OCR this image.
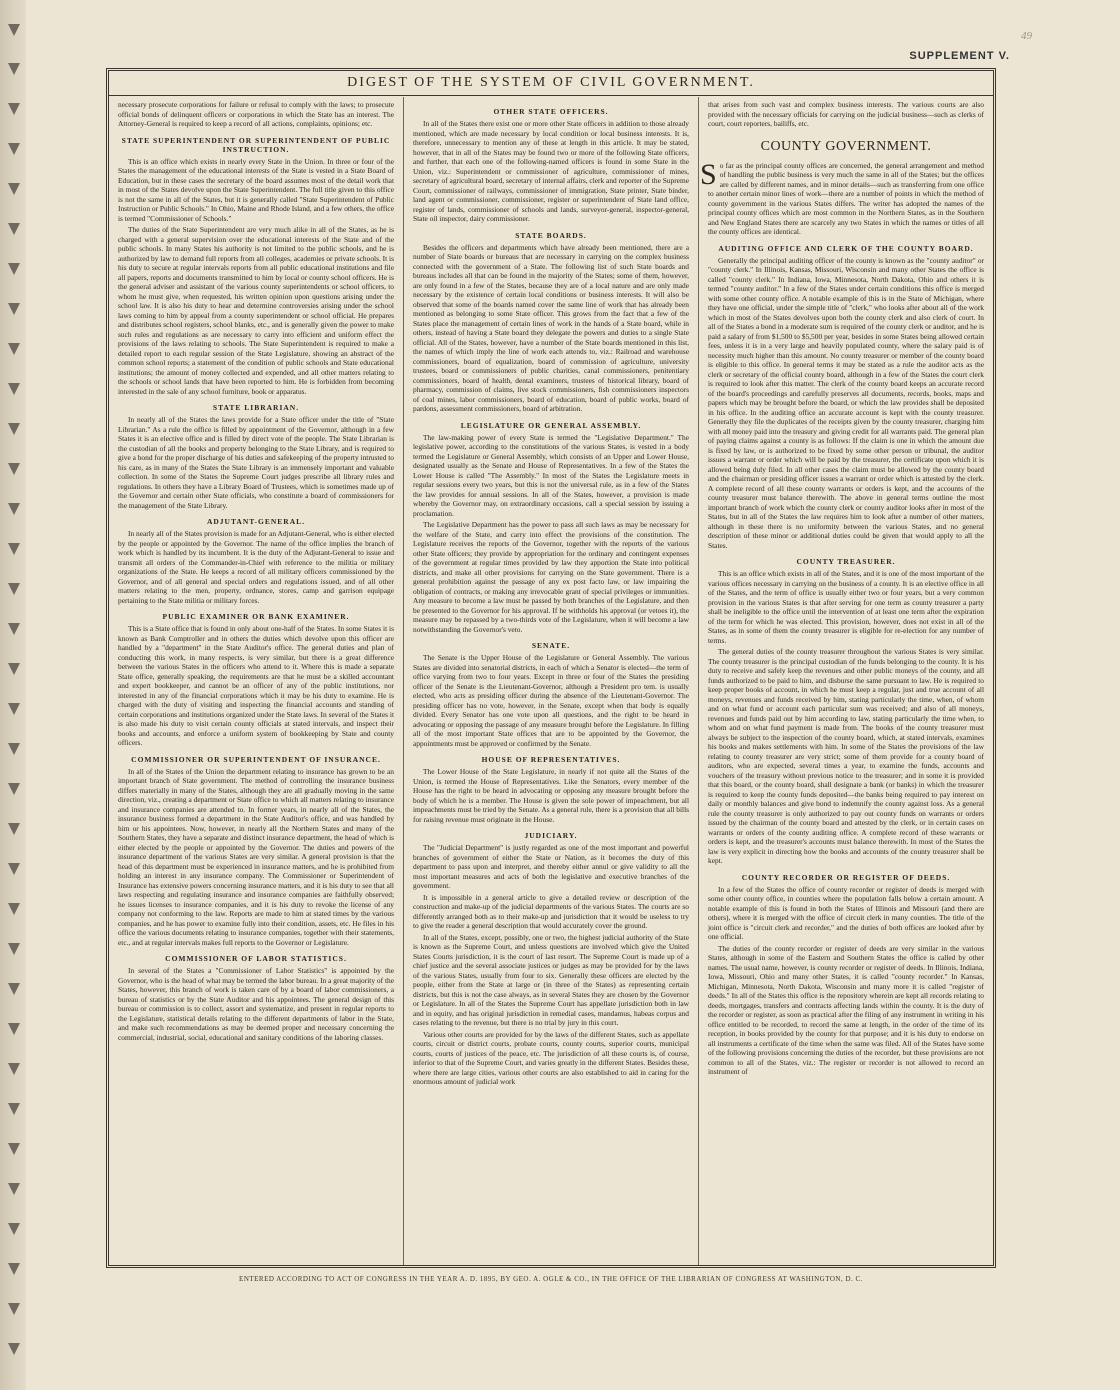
49
SUPPLEMENT V.
DIGEST OF THE SYSTEM OF CIVIL GOVERNMENT.

necessary prosecute corporations for failure or refusal to comply with the laws; to prosecute official bonds of delinquent officers or corporations in which the State has an interest. The Attorney-General is required to keep a record of all actions, complaints, opinions; etc.

STATE SUPERINTENDENT OR SUPERINTENDENT OF PUBLIC INSTRUCTION.

This is an office which exists in nearly every State in the Union. In three or four of the States the management of the educational interests of the State is vested in a State Board of Education, but in these cases the secretary of the board assumes most of the detail work that in most of the States devolve upon the State Superintendent. The full title given to this office is not the same in all of the States, but it is generally called "State Superintendent of Public Instruction or Public Schools." In Ohio, Maine and Rhode Island, and a few others, the office is termed "Commissioner of Schools."

The duties of the State Superintendent are very much alike in all of the States, as he is charged with a general supervision over the educational interests of the State and of the public schools. In many States his authority is not limited to the public schools, and he is authorized by law to demand full reports from all colleges, academies or private schools. It is his duty to secure at regular intervals reports from all public educational institutions and file all papers, reports and documents transmitted to him by local or county school officers. He is the general adviser and assistant of the various county superintendents or school officers, to whom he must give, when requested, his written opinion upon questions arising under the school law. It is also his duty to hear and determine controversies arising under the school laws coming to him by appeal from a county superintendent or school official. He prepares and distributes school registers, school blanks, etc., and is generally given the power to make such rules and regulations as are necessary to carry into efficient and uniform effect the provisions of the laws relating to schools. The State Superintendent is required to make a detailed report to each regular session of the State Legislature, showing an abstract of the common school reports; a statement of the condition of public schools and State educational institutions; the amount of money collected and expended, and all other matters relating to the schools or school lands that have been reported to him. He is forbidden from becoming interested in the sale of any school furniture, book or apparatus.

STATE LIBRARIAN.

In nearly all of the States the laws provide for a State officer under the title of "State Librarian." As a rule the office is filled by appointment of the Governor, although in a few States it is an elective office and is filled by direct vote of the people. The State Librarian is the custodian of all the books and property belonging to the State Library, and is required to give a bond for the proper discharge of his duties and safekeeping of the property intrusted to his care, as in many of the States the State Library is an immensely important and valuable collection. In some of the States the Supreme Court judges prescribe all library rules and regulations. In others they have a Library Board of Trustees, which is sometimes made up of the Governor and certain other State officials, who constitute a board of commissioners for the management of the State Library.

ADJUTANT-GENERAL.

In nearly all of the States provision is made for an Adjutant-General, who is either elected by the people or appointed by the Governor. The name of the office implies the branch of work which is handled by its incumbent. It is the duty of the Adjutant-General to issue and transmit all orders of the Commander-in-Chief with reference to the militia or military organizations of the State. He keeps a record of all military officers commissioned by the Governor, and of all general and special orders and regulations issued, and of all other matters relating to the men, property, ordnance, stores, camp and garrison equipage pertaining to the State militia or military forces.

PUBLIC EXAMINER OR BANK EXAMINER.

This is a State office that is found in only about one-half of the States. In some States it is known as Bank Comptroller and in others the duties which devolve upon this officer are handled by a "department" in the State Auditor's office. The general duties and plan of conducting this work, in many respects, is very similar, but there is a great difference between the various States in the officers who attend to it. Where this is made a separate State office, generally speaking, the requirements are that he must be a skilled accountant and expert bookkeeper, and cannot be an officer of any of the public institutions, nor interested in any of the financial corporations which it may be his duty to examine. He is charged with the duty of visiting and inspecting the financial accounts and standing of certain corporations and institutions organized under the State laws. In several of the States it is also made his duty to visit certain county officials at stated intervals, and inspect their books and accounts, and enforce a uniform system of bookkeeping by State and county officers.

COMMISSIONER OR SUPERINTENDENT OF INSURANCE.

In all of the States of the Union the department relating to insurance has grown to be an important branch of State government. The method of controlling the insurance business differs materially in many of the States, although they are all gradually moving in the same direction, viz., creating a department or State office to which all matters relating to insurance and insurance companies are attended to. In former years, in nearly all of the States, the insurance business formed a department in the State Auditor's office, and was handled by him or his appointees. Now, however, in nearly all the Northern States and many of the Southern States, they have a separate and distinct insurance department, the head of which is either elected by the people or appointed by the Governor. The duties and powers of the insurance department of the various States are very similar. A general provision is that the head of this department must be experienced in insurance matters, and he is prohibited from holding an interest in any insurance company. The Commissioner or Superintendent of Insurance has extensive powers concerning insurance matters, and it is his duty to see that all laws respecting and regulating insurance and insurance companies are faithfully observed; he issues licenses to insurance companies, and it is his duty to revoke the license of any company not conforming to the law. Reports are made to him at stated times by the various companies, and he has power to examine fully into their condition, assets, etc. He files in his office the various documents relating to insurance companies, together with their statements, etc., and at regular intervals makes full reports to the Governor or Legislature.

COMMISSIONER OF LABOR STATISTICS.

In several of the States a "Commissioner of Labor Statistics" is appointed by the Governor, who is the head of what may be termed the labor bureau. In a great majority of the States, however, this branch of work is taken care of by a board of labor commissioners, a bureau of statistics or by the State Auditor and his appointees. The general design of this bureau or commission is to collect, assort and systematize, and present in regular reports to the Legislature, statistical details relating to the different departments of labor in the State, and make such recommendations as may be deemed proper and necessary concerning the commercial, industrial, social, educational and sanitary conditions of the laboring classes.

OTHER STATE OFFICERS.

In all of the States there exist one or more other State officers in addition to those already mentioned, which are made necessary by local condition or local business interests. It is, therefore, unnecessary to mention any of these at length in this article. It may be stated, however, that in all of the States may be found two or more of the following State officers, and further, that each one of the following-named officers is found in some State in the Union, viz.: Superintendent or commissioner of agriculture, commissioner of mines, secretary of agricultural board, secretary of internal affairs, clerk and reporter of the Supreme Court, commissioner of railways, commissioner of immigration, State printer, State binder, land agent or commissioner, commissioner, register or superintendent of State land office, register of lands, commissioner of schools and lands, surveyor-general, inspector-general, State oil inspector, dairy commissioner.

STATE BOARDS.

Besides the officers and departments which have already been mentioned, there are a number of State boards or bureaus that are necessary in carrying on the complex business connected with the government of a State. The following list of such State boards and bureaus includes all that can be found in the majority of the States; some of them, however, are only found in a few of the States, because they are of a local nature and are only made necessary by the existence of certain local conditions or business interests. It will also be observed that some of the boards named cover the same line of work that has already been mentioned as belonging to some State officer. This grows from the fact that a few of the States place the management of certain lines of work in the hands of a State board, while in others, instead of having a State board they delegate the powers and duties to a single State official. All of the States, however, have a number of the State boards mentioned in this list, the names of which imply the line of work each attends to, viz.: Railroad and warehouse commissioners, board of equalization, board of commission of agriculture, university trustees, board or commissioners of public charities, canal commissioners, penitentiary commissioners, board of health, dental examiners, trustees of historical library, board of pharmacy, commission of claims, live stock commissioners, fish commissioners inspectors of coal mines, labor commissioners, board of education, board of public works, board of pardons, assessment commissioners, board of arbitration.

LEGISLATURE OR GENERAL ASSEMBLY.

The law-making power of every State is termed the "Legislative Department." The legislative power, according to the constitutions of the various States, is vested in a body termed the Legislature or General Assembly, which consists of an Upper and Lower House, designated usually as the Senate and House of Representatives. In a few of the States the Lower House is called "The Assembly." In most of the States the Legislature meets in regular sessions every two years, but this is not the universal rule, as in a few of the States the law provides for annual sessions. In all of the States, however, a provision is made whereby the Governor may, on extraordinary occasions, call a special session by issuing a proclamation.

The Legislative Department has the power to pass all such laws as may be necessary for the welfare of the State, and carry into effect the provisions of the constitution. The Legislature receives the reports of the Governor, together with the reports of the various other State officers; they provide by appropriation for the ordinary and contingent expenses of the government at regular times provided by law they apportion the State into political districts, and make all other provisions for carrying on the State government. There is a general prohibition against the passage of any ex post facto law, or law impairing the obligation of contracts, or making any irrevocable grant of special privileges or immunities. Any measure to become a law must be passed by both branches of the Legislature, and then be presented to the Governor for his approval. If he withholds his approval (or vetoes it), the measure may be repassed by a two-thirds vote of the Legislature, when it will become a law notwithstanding the Governor's veto.

SENATE.

The Senate is the Upper House of the Legislature or General Assembly. The various States are divided into senatorial districts, in each of which a Senator is elected—the term of office varying from two to four years. Except in three or four of the States the presiding officer of the Senate is the Lieutenant-Governor, although a President pro tem. is usually elected, who acts as presiding officer during the absence of the Lieutenant-Governor. The presiding officer has no vote, however, in the Senate, except when that body is equally divided. Every Senator has one vote upon all questions, and the right to be heard in advocating or opposing the passage of any measure brought before the Legislature. In filling all of the most important State offices that are to be appointed by the Governor, the appointments must be approved or confirmed by the Senate.

HOUSE OF REPRESENTATIVES.

The Lower House of the State Legislature, in nearly if not quite all the States of the Union, is termed the House of Representatives. Like the Senators, every member of the House has the right to be heard in advocating or opposing any measure brought before the body of which he is a member. The House is given the sole power of impeachment, but all impeachments must be tried by the Senate. As a general rule, there is a provision that all bills for raising revenue must originate in the House.

JUDICIARY.

The "Judicial Department" is justly regarded as one of the most important and powerful branches of government of either the State or Nation, as it becomes the duty of this department to pass upon and interpret, and thereby either annul or give validity to all the most important measures and acts of both the legislative and executive branches of the government.

It is impossible in a general article to give a detailed review or description of the construction and make-up of the judicial departments of the various States. The courts are so differently arranged both as to their make-up and jurisdiction that it would be useless to try to give the reader a general description that would accurately cover the ground.

In all of the States, except, possibly, one or two, the highest judicial authority of the State is known as the Supreme Court, and unless questions are involved which give the United States Courts jurisdiction, it is the court of last resort. The Supreme Court is made up of a chief justice and the several associate justices or judges as may be provided for by the laws of the various States, usually from four to six. Generally these officers are elected by the people, either from the State at large or (in three of the States) as representing certain districts, but this is not the case always, as in several States they are chosen by the Governor or Legislature. In all of the States the Supreme Court has appellate jurisdiction both in law and in equity, and has original jurisdiction in remedial cases, mandamus, habeas corpus and cases relating to the revenue, but there is no trial by jury in this court.

Various other courts are provided for by the laws of the different States, such as appellate courts, circuit or district courts, probate courts, county courts, superior courts, municipal courts, courts of justices of the peace, etc. The jurisdiction of all these courts is, of course, inferior to that of the Supreme Court, and varies greatly in the different States. Besides these, where there are large cities, various other courts are also established to aid in caring for the enormous amount of judicial work

that arises from such vast and complex business interests. The various courts are also provided with the necessary officials for carrying on the judicial business—such as clerks of court, court reporters, bailiffs, etc.

COUNTY GOVERNMENT.

So far as the principal county offices are concerned, the general arrangement and method of handling the public business is very much the same in all of the States; but the offices are called by different names, and in minor details—such as transferring from one office to another certain minor lines of work—there are a number of points in which the method of county government in the various States differs. The writer has adopted the names of the principal county offices which are most common in the Northern States, as in the Southern and New England States there are scarcely any two States in which the names or titles of all the county offices are identical.

AUDITING OFFICE AND CLERK OF THE COUNTY BOARD.

Generally the principal auditing officer of the county is known as the "county auditor" or "county clerk." In Illinois, Kansas, Missouri, Wisconsin and many other States the office is called "county clerk." In Indiana, Iowa, Minnesota, North Dakota, Ohio and others it is termed "county auditor." In a few of the States under certain conditions this office is merged with some other county office. A notable example of this is in the State of Michigan, where they have one official, under the simple title of "clerk," who looks after about all of the work which in most of the States devolves upon both the county clerk and also clerk of court. In all of the States a bond in a moderate sum is required of the county clerk or auditor, and he is paid a salary of from $1,500 to $5,500 per year, besides in some States being allowed certain fees, unless it is in a very large and heavily populated county, where the salary paid is of necessity much higher than this amount. No county treasurer or member of the county board is eligible to this office. In general terms it may be stated as a rule the auditor acts as the clerk or secretary of the official county board, although in a few of the States the court clerk is required to look after this matter. The clerk of the county board keeps an accurate record of the board's proceedings and carefully preserves all documents, records, books, maps and papers which may be brought before the board, or which the law provides shall be deposited in his office. In the auditing office an accurate account is kept with the county treasurer. Generally they file the duplicates of the receipts given by the county treasurer, charging him with all money paid into the treasury and giving credit for all warrants paid. The general plan of paying claims against a county is as follows: If the claim is one in which the amount due is fixed by law, or is authorized to be fixed by some other person or tribunal, the auditor issues a warrant or order which will be paid by the treasurer, the certificate upon which it is allowed being duly filed. In all other cases the claim must be allowed by the county board and the chairman or presiding officer issues a warrant or order which is attested by the clerk. A complete record of all these county warrants or orders is kept, and the accounts of the county treasurer must balance therewith. The above in general terms outline the most important branch of work which the county clerk or county auditor looks after in most of the States, but in all of the States the law requires him to look after a number of other matters, although in these there is no uniformity between the various States, and no general description of these minor or additional duties could be given that would apply to all the States.

COUNTY TREASURER.

This is an office which exists in all of the States, and it is one of the most important of the various offices necessary in carrying on the business of a county. It is an elective office in all of the States, and the term of office is usually either two or four years, but a very common provision in the various States is that after serving for one term as county treasurer a party shall be ineligible to the office until the intervention of at least one term after the expiration of the term for which he was elected. This provision, however, does not exist in all of the States, as in some of them the county treasurer is eligible for re-election for any number of terms.

The general duties of the county treasurer throughout the various States is very similar. The county treasurer is the principal custodian of the funds belonging to the county. It is his duty to receive and safely keep the revenues and other public moneys of the county, and all funds authorized to be paid to him, and disburse the same pursuant to law. He is required to keep proper books of account, in which he must keep a regular, just and true account of all moneys, revenues and funds received by him, stating particularly the time, when, of whom and on what fund or account each particular sum was received; and also of all moneys, revenues and funds paid out by him according to law, stating particularly the time when, to whom and on what fund payment is made from. The books of the county treasurer must always be subject to the inspection of the county board, which, at stated intervals, examines his books and makes settlements with him. In some of the States the provisions of the law relating to county treasurer are very strict; some of them provide for a county board of auditors, who are expected, several times a year, to examine the funds, accounts and vouchers of the treasury without previous notice to the treasurer; and in some it is provided that this board, or the county board, shall designate a bank (or banks) in which the treasurer is required to keep the county funds deposited—the banks being required to pay interest on daily or monthly balances and give bond to indemnify the county against loss. As a general rule the county treasurer is only authorized to pay out county funds on warrants or orders issued by the chairman of the county board and attested by the clerk, or in certain cases on warrants or orders of the county auditing office. A complete record of these warrants or orders is kept, and the treasurer's accounts must balance therewith. In most of the States the law is very explicit in directing how the books and accounts of the county treasurer shall be kept.

COUNTY RECORDER OR REGISTER OF DEEDS.

In a few of the States the office of county recorder or register of deeds is merged with some other county office, in counties where the population falls below a certain amount. A notable example of this is found in both the States of Illinois and Missouri (and there are others), where it is merged with the office of circuit clerk in many counties. The title of the joint office is "circuit clerk and recorder," and the duties of both offices are looked after by one official.

The duties of the county recorder or register of deeds are very similar in the various States, although in some of the Eastern and Southern States the office is called by other names. The usual name, however, is county recorder or register of deeds. In Illinois, Indiana, Iowa, Missouri, Ohio and many other States, it is called "county recorder." In Kansas, Michigan, Minnesota, North Dakota, Wisconsin and many more it is called "register of deeds." In all of the States this office is the repository wherein are kept all records relating to deeds, mortgages, transfers and contracts affecting lands within the county. It is the duty of the recorder or register, as soon as practical after the filing of any instrument in writing in his office entitled to be recorded, to record the same at length, in the order of the time of its reception, in books provided by the county for that purpose; and it is his duty to endorse on all instruments a certificate of the time when the same was filed. All of the States have some of the following provisions concerning the duties of the recorder, but these provisions are not common to all of the States, viz.: The register or recorder is not allowed to record an instrument of

ENTERED ACCORDING TO ACT OF CONGRESS IN THE YEAR A. D. 1895, BY GEO. A. OGLE & CO., IN THE OFFICE OF THE LIBRARIAN OF CONGRESS AT WASHINGTON, D. C.
